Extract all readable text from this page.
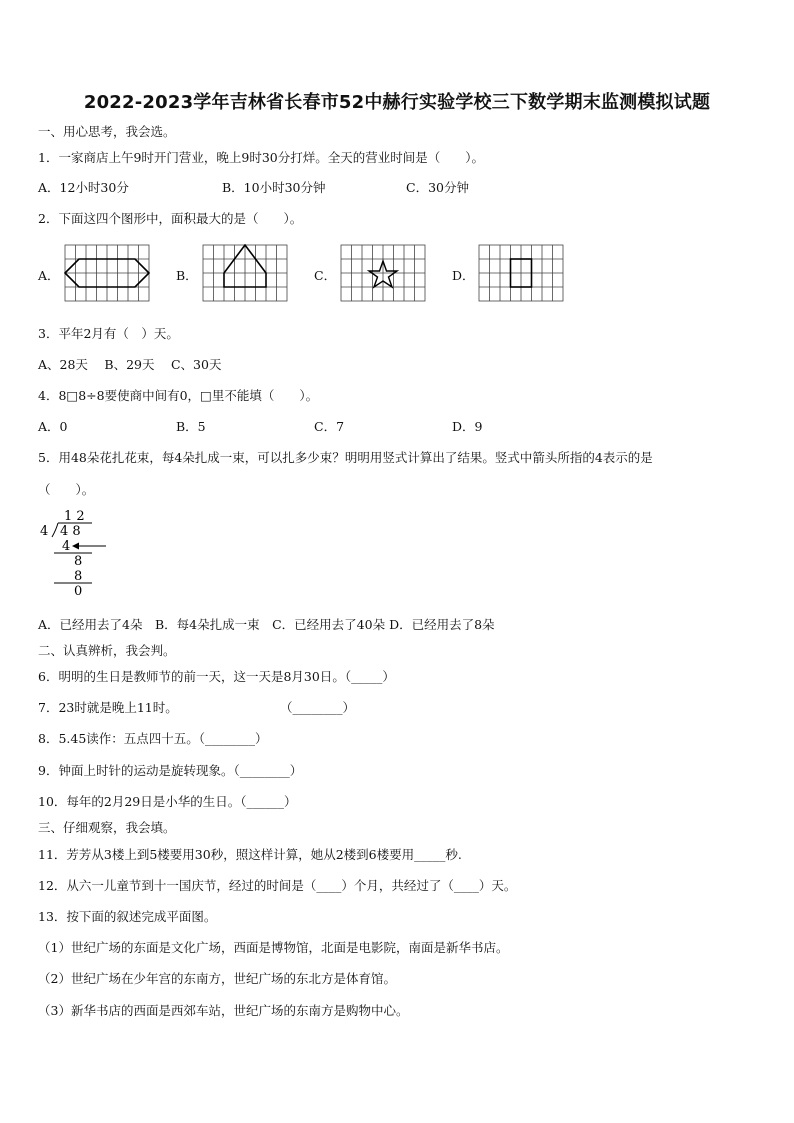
2022-2023学年吉林省长春市52中赫行实验学校三下数学期末监测模拟试题
一、用心思考，我会选。
1．一家商店上午9时开门营业，晚上9时30分打烊。全天的营业时间是（　　）。
A．12小时30分	B．10小时30分钟	C．30分钟
2．下面这四个图形中，面积最大的是（　　）。
A．	B．	C．	D．
3．平年2月有（　）天。
A、28天　 B、29天　 C、30天
4．8□8÷8要使商中间有0，□里不能填（　　）。
A．0	B．5	C．7	D．9
5．用48朵花扎花束，每4朵扎成一束，可以扎多少束？明明用竖式计算出了结果。竖式中箭头所指的4表示的是
（　　）。
1 2
4 4 8
4
8
8
0
A．已经用去了4朵　B．每4朵扎成一束　C．已经用去了40朵 D．已经用去了8朵
二、认真辨析，我会判。
6．明明的生日是教师节的前一天，这一天是8月30日。（_____）
7．23时就是晚上11时。	（________）
8．5.45读作：五点四十五。（________）
9．钟面上时针的运动是旋转现象。（________）
10．每年的2月29日是小华的生日。（______）
三、仔细观察，我会填。
11．芳芳从3楼上到5楼要用30秒，照这样计算，她从2楼到6楼要用_____秒.
12．从六一儿童节到十一国庆节，经过的时间是（____）个月，共经过了（____）天。
13．按下面的叙述完成平面图。
（1）世纪广场的东面是文化广场，西面是博物馆，北面是电影院，南面是新华书店。
（2）世纪广场在少年宫的东南方，世纪广场的东北方是体育馆。
（3）新华书店的西面是西郊车站，世纪广场的东南方是购物中心。
